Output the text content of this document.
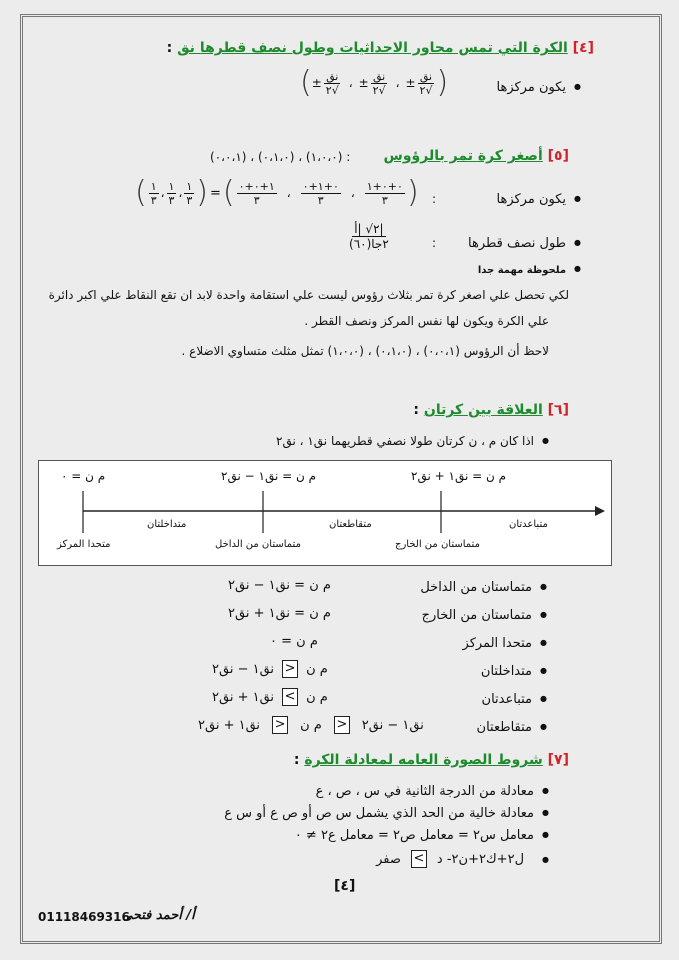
[٤] الكرة التي تمس محاور الاحداثيات وطول نصف قطرها نق :
● يكون مركزها
( ± $\frac{\text{نق}}{٢√}$ ، ± $\frac{\text{نق}}{٢√}$ ، ± $\frac{\text{نق}}{٢√}$ )
[٥] أصغر كرة تمر بالرؤوس
(٠،٠،١) ، (٠،١،٠) ، (١،٠،٠) :
● يكون مركزها
:
( $\frac{١}{٣}$ ، $\frac{١}{٣}$ ، $\frac{١}{٣}$ ) = ( $\frac{١+٠+٠}{٣}$ ، $\frac{٠+١+٠}{٣}$ ، $\frac{٠+٠+١}{٣}$ )
● طول نصف قطرها
:
$\frac{\text{٢√ |أ|}}{\text{٢جا(٦٠)}}$
● ملحوظة مهمة جدا
لكي تحصل علي اصغر كرة تمر بثلاث رؤوس ليست علي استقامة واحدة لابد ان تقع النقاط علي اكبر دائرة
علي الكرة ويكون لها نفس المركز ونصف القطر .
لاحظ أن الرؤوس (٠،٠،١) ، (٠،١،٠) ، (١،٠،٠) تمثل مثلث متساوي الاضلاع .
[٦] العلاقة بين كرتان :
● اذا كان م ، ن كرتان طولا نصفي قطريهما نق١ ، نق٢
م ن = ٠	م ن = نق١ − نق٢	م ن = نق١ + نق٢
متداخلتان	متقاطعتان	متباعدتان
متحدا المركز	متماستان من الداخل	متماستان من الخارج
● متماستان من الداخل
م ن = نق١ − نق٢
● متماستان من الخارج
م ن = نق١ + نق٢
● متحدا المركز
م ن = ٠
● متداخلتان
م ن
<
نق١ − نق٢
● متباعدتان
م ن
>
نق١ + نق٢
● متقاطعتان
نق١ − نق٢
<
م ن
<
نق١ + نق٢
[٧] شروط الصورة العامه لمعادلة الكرة :
● معادلة من الدرجة الثانية في س ، ص ، ع
● معادلة خالية من الحد الذي يشمل س ص أو ص ع أو س ع
● معامل س٢ = معامل ص٢ = معامل ع٢ ≠ ٠
● ل٢+ك٢+ن٢- د
>
صفر
[٤]
01118469316
أ/ أحمد فتحى
